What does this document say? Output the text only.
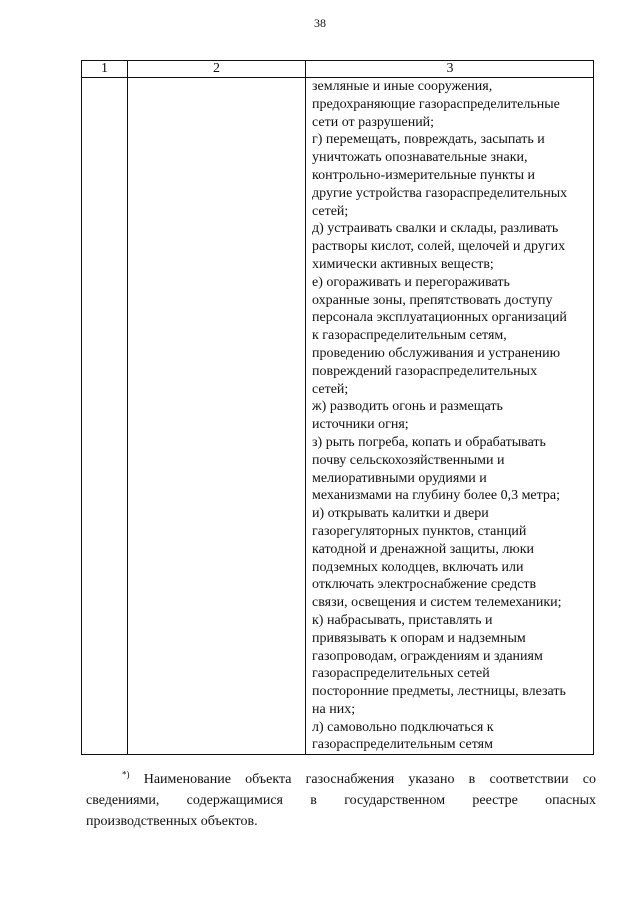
38
1	2	3
земляные и иные сооружения,
предохраняющие газораспределительные
сети от разрушений;
г) перемещать, повреждать, засыпать и
уничтожать опознавательные знаки,
контрольно-измерительные пункты и
другие устройства газораспределительных
сетей;
д) устраивать свалки и склады, разливать
растворы кислот, солей, щелочей и других
химически активных веществ;
е) огораживать и перегораживать
охранные зоны, препятствовать доступу
персонала эксплуатационных организаций
к газораспределительным сетям,
проведению обслуживания и устранению
повреждений газораспределительных
сетей;
ж) разводить огонь и размещать
источники огня;
з) рыть погреба, копать и обрабатывать
почву сельскохозяйственными и
мелиоративными орудиями и
механизмами на глубину более 0,3 метра;
и) открывать калитки и двери
газорегуляторных пунктов, станций
катодной и дренажной защиты, люки
подземных колодцев, включать или
отключать электроснабжение средств
связи, освещения и систем телемеханики;
к) набрасывать, приставлять и
привязывать к опорам и надземным
газопроводам, ограждениям и зданиям
газораспределительных сетей
посторонние предметы, лестницы, влезать
на них;
л) самовольно подключаться к
газораспределительным сетям
*) Наименование объекта газоснабжения указано в соответствии со
сведениями, содержащимися в государственном реестре опасных
производственных объектов.
